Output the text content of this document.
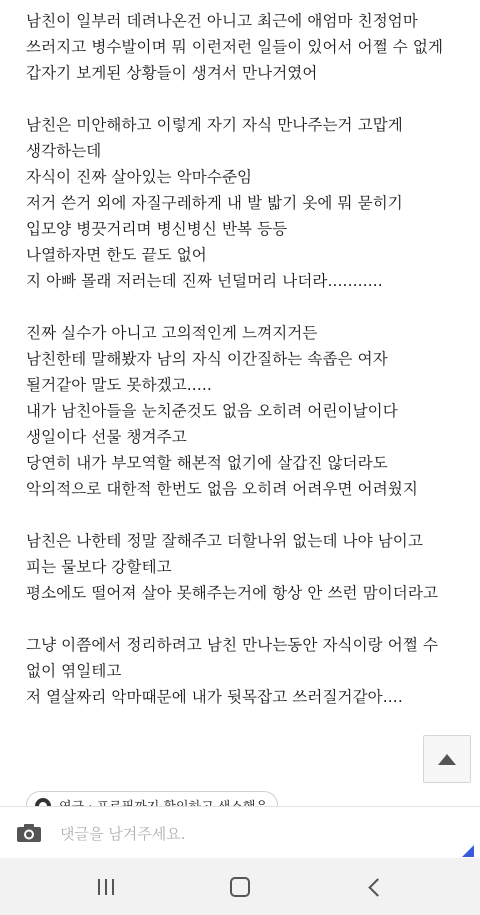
남친이 일부러 데려나온건 아니고 최근에 애엄마 친정엄마
쓰러지고 병수발이며 뭐 이런저런 일들이 있어서 어쩔 수 없게
갑자기 보게된 상황들이 생겨서 만나거였어
남친은 미안해하고 이렇게 자기 자식 만나주는거 고맙게
생각하는데
자식이 진짜 살아있는 악마수준임
저거 쓴거 외에 자질구레하게 내 발 밟기 옷에 뭐 묻히기
입모양 병끗거리며 병신병신 반복 등등
나열하자면 한도 끝도 없어
지 아빠 몰래 저러는데 진짜 넌덜머리 나더라...........
진짜 실수가 아니고 고의적인게 느껴지거든
남친한테 말해봤자 남의 자식 이간질하는 속좁은 여자
될거같아 말도 못하겠고.....
내가 남친아들을 눈치준것도 없음 오히려 어린이날이다
생일이다 선물 챙겨주고
당연히 내가 부모역할 해본적 없기에 살갑진 않더라도
악의적으로 대한적 한번도 없음 오히려 어려우면 어려웠지
남친은 나한테 정말 잘해주고 더할나위 없는데 나야 남이고
피는 물보다 강할테고
평소에도 떨어져 살아 못해주는거에 항상 안 쓰런 맘이더라고
그냥 이쯤에서 정리하려고 남친 만나는동안 자식이랑 어쩔 수
없이 엮일테고
저 열살짜리 악마때문에 내가 뒷목잡고 쓰러질거같아....
댓글을 남겨주세요.
